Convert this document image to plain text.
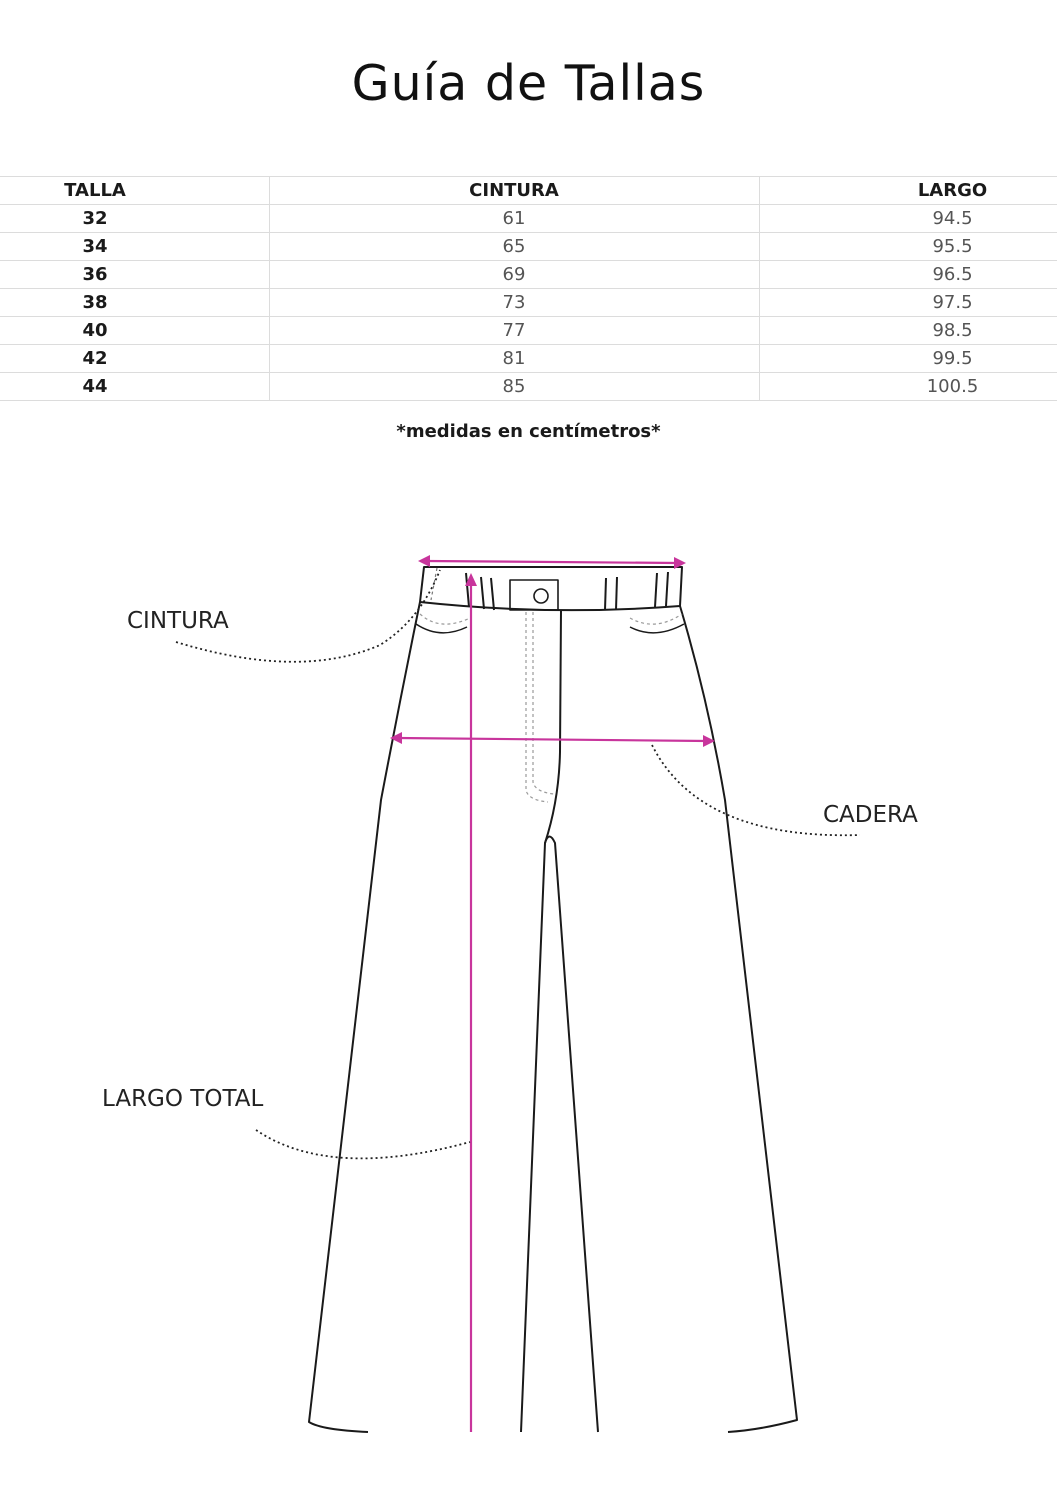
Guía de Tallas
TALLA	CINTURA	LARGO
32	61	94.5
34	65	95.5
36	69	96.5
38	73	97.5
40	77	98.5
42	81	99.5
44	85	100.5
*medidas en centímetros*
CINTURA
CADERA
LARGO TOTAL
